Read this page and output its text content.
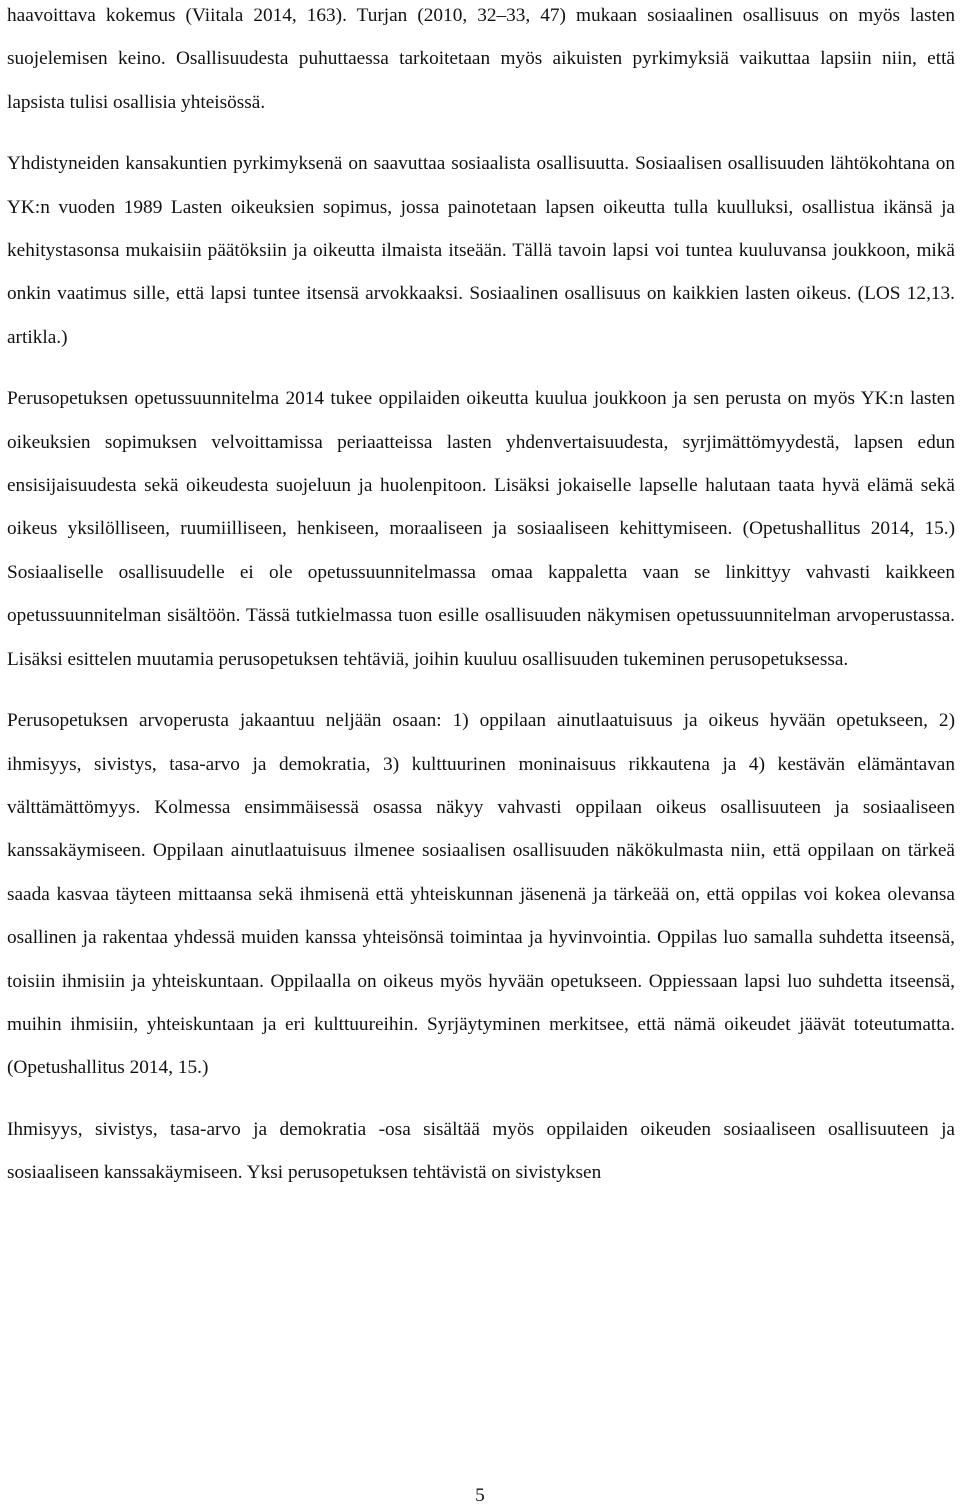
haavoittava kokemus (Viitala 2014, 163). Turjan (2010, 32–33, 47) mukaan sosiaalinen osallisuus on myös lasten suojelemisen keino. Osallisuudesta puhuttaessa tarkoitetaan myös aikuisten pyrkimyksiä vaikuttaa lapsiin niin, että lapsista tulisi osallisia yhteisössä.

Yhdistyneiden kansakuntien pyrkimyksenä on saavuttaa sosiaalista osallisuutta. Sosiaalisen osallisuuden lähtökohtana on YK:n vuoden 1989 Lasten oikeuksien sopimus, jossa painotetaan lapsen oikeutta tulla kuulluksi, osallistua ikänsä ja kehitystasonsa mukaisiin päätöksiin ja oikeutta ilmaista itseään. Tällä tavoin lapsi voi tuntea kuuluvansa joukkoon, mikä onkin vaatimus sille, että lapsi tuntee itsensä arvokkaaksi. Sosiaalinen osallisuus on kaikkien lasten oikeus. (LOS 12,13. artikla.)

Perusopetuksen opetussuunnitelma 2014 tukee oppilaiden oikeutta kuulua joukkoon ja sen perusta on myös YK:n lasten oikeuksien sopimuksen velvoittamissa periaatteissa lasten yhdenvertaisuudesta, syrjimättömyydestä, lapsen edun ensisijaisuudesta sekä oikeudesta suojeluun ja huolenpitoon. Lisäksi jokaiselle lapselle halutaan taata hyvä elämä sekä oikeus yksilölliseen, ruumiilliseen, henkiseen, moraaliseen ja sosiaaliseen kehittymiseen. (Opetushallitus 2014, 15.) Sosiaaliselle osallisuudelle ei ole opetussuunnitelmassa omaa kappaletta vaan se linkittyy vahvasti kaikkeen opetussuunnitelman sisältöön. Tässä tutkielmassa tuon esille osallisuuden näkymisen opetussuunnitelman arvoperustassa. Lisäksi esittelen muutamia perusopetuksen tehtäviä, joihin kuuluu osallisuuden tukeminen perusopetuksessa.

Perusopetuksen arvoperusta jakaantuu neljään osaan: 1) oppilaan ainutlaatuisuus ja oikeus hyvään opetukseen, 2) ihmisyys, sivistys, tasa-arvo ja demokratia, 3) kulttuurinen moninaisuus rikkautena ja 4) kestävän elämäntavan välttämättömyys. Kolmessa ensimmäisessä osassa näkyy vahvasti oppilaan oikeus osallisuuteen ja sosiaaliseen kanssakäymiseen. Oppilaan ainutlaatuisuus ilmenee sosiaalisen osallisuuden näkökulmasta niin, että oppilaan on tärkeä saada kasvaa täyteen mittaansa sekä ihmisenä että yhteiskunnan jäsenenä ja tärkeää on, että oppilas voi kokea olevansa osallinen ja rakentaa yhdessä muiden kanssa yhteisönsä toimintaa ja hyvinvointia. Oppilas luo samalla suhdetta itseensä, toisiin ihmisiin ja yhteiskuntaan. Oppilaalla on oikeus myös hyvään opetukseen. Oppiessaan lapsi luo suhdetta itseensä, muihin ihmisiin, yhteiskuntaan ja eri kulttuureihin. Syrjäytyminen merkitsee, että nämä oikeudet jäävät toteutumatta. (Opetushallitus 2014, 15.)

Ihmisyys, sivistys, tasa-arvo ja demokratia -osa sisältää myös oppilaiden oikeuden sosiaaliseen osallisuuteen ja sosiaaliseen kanssakäymiseen. Yksi perusopetuksen tehtävistä on sivistyksen

5
